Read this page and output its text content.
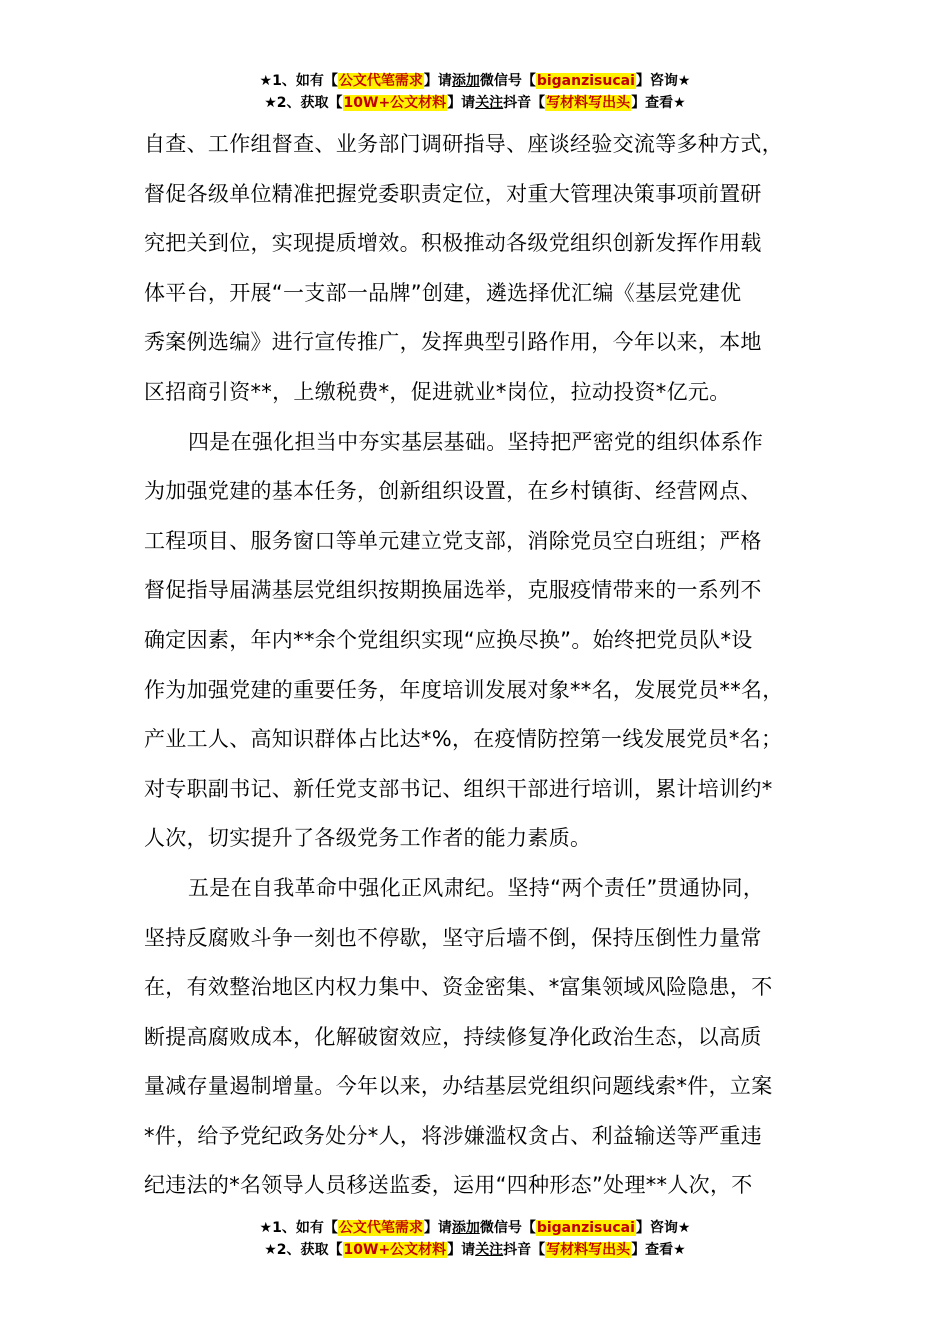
★1、如有【公文代笔需求】请添加微信号【biganzisucai】咨询★
★2、获取【10W+公文材料】请关注抖音【写材料写出头】查看★
自查、工作组督查、业务部门调研指导、座谈经验交流等多种方式，
督促各级单位精准把握党委职责定位，对重大管理决策事项前置研
究把关到位，实现提质增效。积极推动各级党组织创新发挥作用载
体平台，开展“一支部一品牌”创建，遴选择优汇编《基层党建优
秀案例选编》进行宣传推广，发挥典型引路作用，今年以来，本地
区招商引资**，上缴税费*，促进就业*岗位，拉动投资*亿元。
四是在强化担当中夯实基层基础。坚持把严密党的组织体系作
为加强党建的基本任务，创新组织设置，在乡村镇街、经营网点、
工程项目、服务窗口等单元建立党支部，消除党员空白班组；严格
督促指导届满基层党组织按期换届选举，克服疫情带来的一系列不
确定因素，年内**余个党组织实现“应换尽换”。始终把党员队*设
作为加强党建的重要任务，年度培训发展对象**名，发展党员**名，
产业工人、高知识群体占比达*%，在疫情防控第一线发展党员*名；
对专职副书记、新任党支部书记、组织干部进行培训，累计培训约*
人次，切实提升了各级党务工作者的能力素质。
五是在自我革命中强化正风肃纪。坚持“两个责任”贯通协同，
坚持反腐败斗争一刻也不停歇，坚守后墙不倒，保持压倒性力量常
在，有效整治地区内权力集中、资金密集、*富集领域风险隐患，不
断提高腐败成本，化解破窗效应，持续修复净化政治生态，以高质
量减存量遏制增量。今年以来，办结基层党组织问题线索*件，立案
*件，给予党纪政务处分*人，将涉嫌滥权贪占、利益输送等严重违
纪违法的*名领导人员移送监委，运用“四种形态”处理**人次，不
★1、如有【公文代笔需求】请添加微信号【biganzisucai】咨询★
★2、获取【10W+公文材料】请关注抖音【写材料写出头】查看★
